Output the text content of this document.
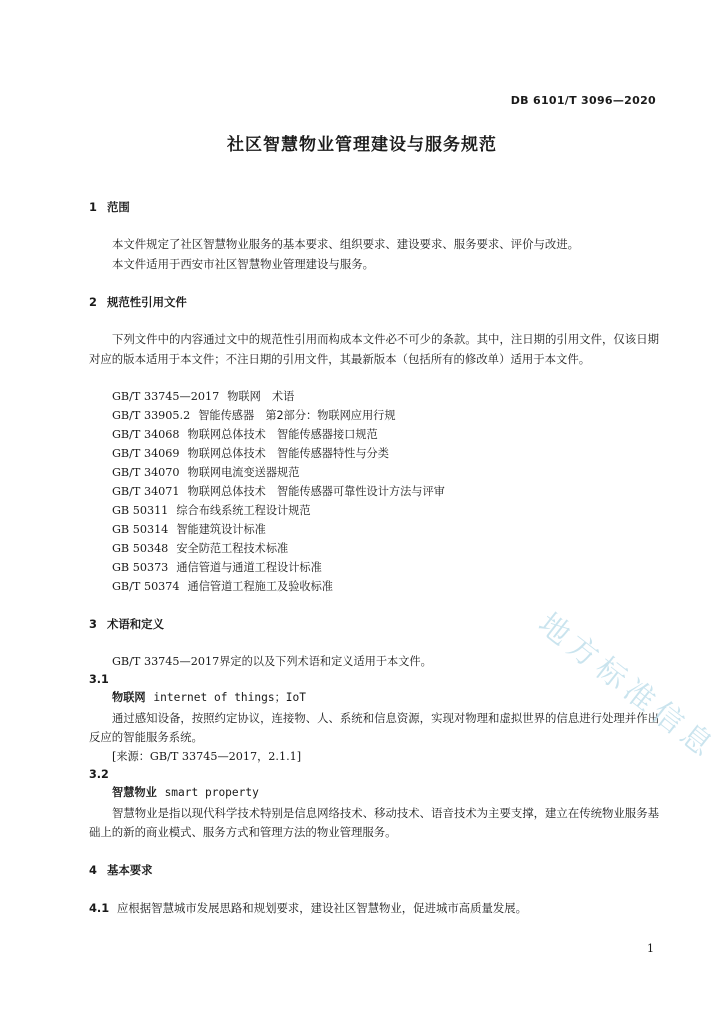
DB 6101/T 3096—2020
社区智慧物业管理建设与服务规范
1 范围
本文件规定了社区智慧物业服务的基本要求、组织要求、建设要求、服务要求、评价与改进。
本文件适用于西安市社区智慧物业管理建设与服务。
2 规范性引用文件
下列文件中的内容通过文中的规范性引用而构成本文件必不可少的条款。其中，注日期的引用文件，仅该日期对应的版本适用于本文件；不注日期的引用文件，其最新版本（包括所有的修改单）适用于本文件。
GB/T 33745—2017 物联网　术语
GB/T 33905.2 智能传感器　第2部分：物联网应用行规
GB/T 34068 物联网总体技术　智能传感器接口规范
GB/T 34069 物联网总体技术　智能传感器特性与分类
GB/T 34070 物联网电流变送器规范
GB/T 34071 物联网总体技术　智能传感器可靠性设计方法与评审
GB 50311 综合布线系统工程设计规范
GB 50314 智能建筑设计标准
GB 50348 安全防范工程技术标准
GB 50373 通信管道与通道工程设计标准
GB/T 50374 通信管道工程施工及验收标准
3 术语和定义
GB/T 33745—2017界定的以及下列术语和定义适用于本文件。
3.1
物联网 internet of things；IoT
通过感知设备，按照约定协议，连接物、人、系统和信息资源，实现对物理和虚拟世界的信息进行处理并作出反应的智能服务系统。
[来源：GB/T 33745—2017，2.1.1]
3.2
智慧物业 smart property
智慧物业是指以现代科学技术特别是信息网络技术、移动技术、语音技术为主要支撑，建立在传统物业服务基础上的新的商业模式、服务方式和管理方法的物业管理服务。
4 基本要求
4.1 应根据智慧城市发展思路和规划要求，建设社区智慧物业，促进城市高质量发展。
1
地方标准信息
